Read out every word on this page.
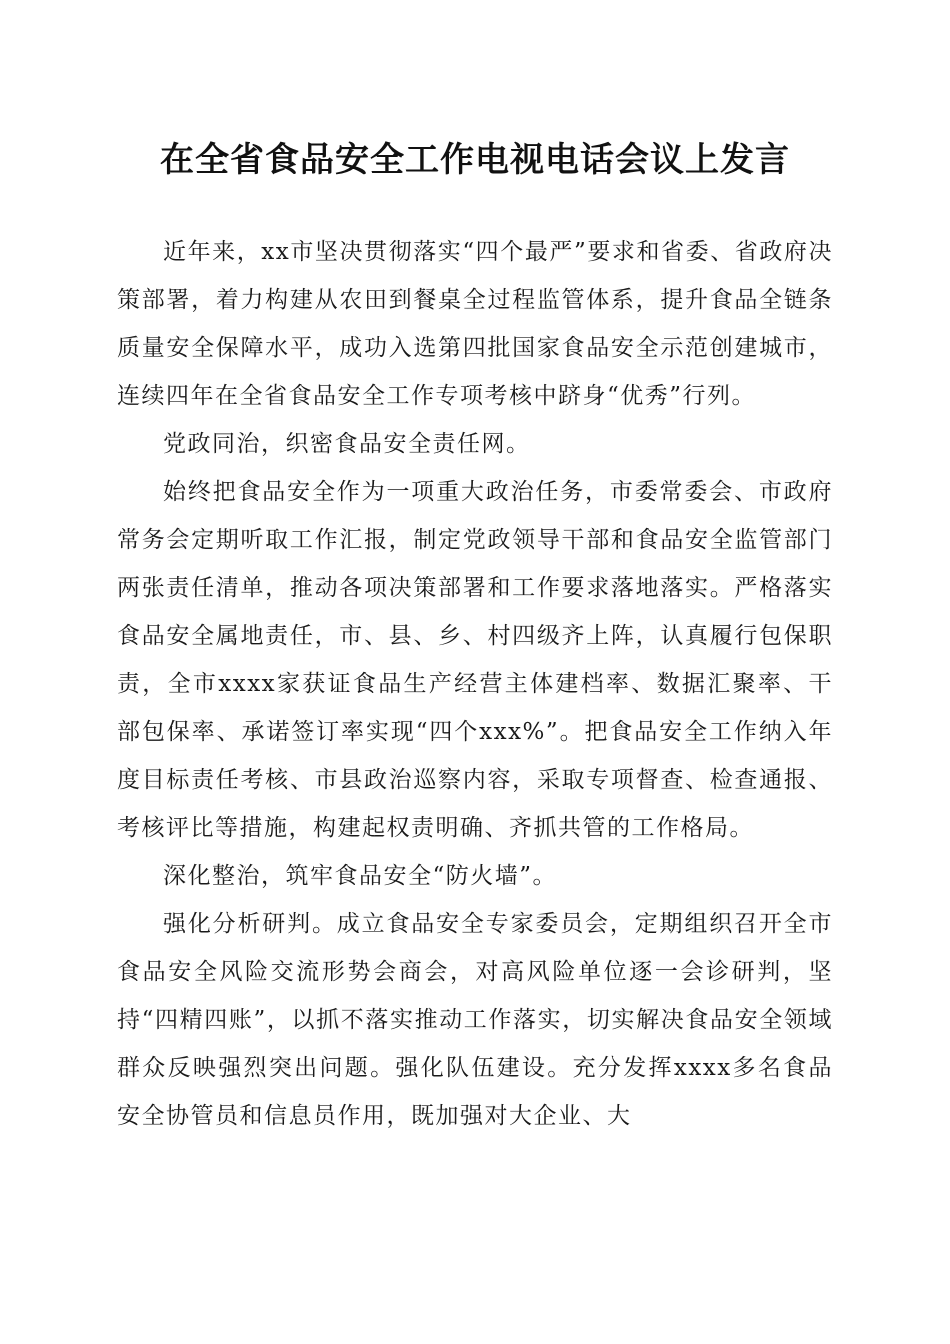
在全省食品安全工作电视电话会议上发言

近年来，xx市坚决贯彻落实“四个最严”要求和省委、省政府决策部署，着力构建从农田到餐桌全过程监管体系，提升食品全链条质量安全保障水平，成功入选第四批国家食品安全示范创建城市，连续四年在全省食品安全工作专项考核中跻身“优秀”行列。

党政同治，织密食品安全责任网。

始终把食品安全作为一项重大政治任务，市委常委会、市政府常务会定期听取工作汇报，制定党政领导干部和食品安全监管部门两张责任清单，推动各项决策部署和工作要求落地落实。严格落实食品安全属地责任，市、县、乡、村四级齐上阵，认真履行包保职责，全市xxxx家获证食品生产经营主体建档率、数据汇聚率、干部包保率、承诺签订率实现“四个xxx%”。把食品安全工作纳入年度目标责任考核、市县政治巡察内容，采取专项督查、检查通报、考核评比等措施，构建起权责明确、齐抓共管的工作格局。

深化整治，筑牢食品安全“防火墙”。

强化分析研判。成立食品安全专家委员会，定期组织召开全市食品安全风险交流形势会商会，对高风险单位逐一会诊研判，坚持“四精四账”，以抓不落实推动工作落实，切实解决食品安全领域群众反映强烈突出问题。强化队伍建设。充分发挥xxxx多名食品安全协管员和信息员作用，既加强对大企业、大
